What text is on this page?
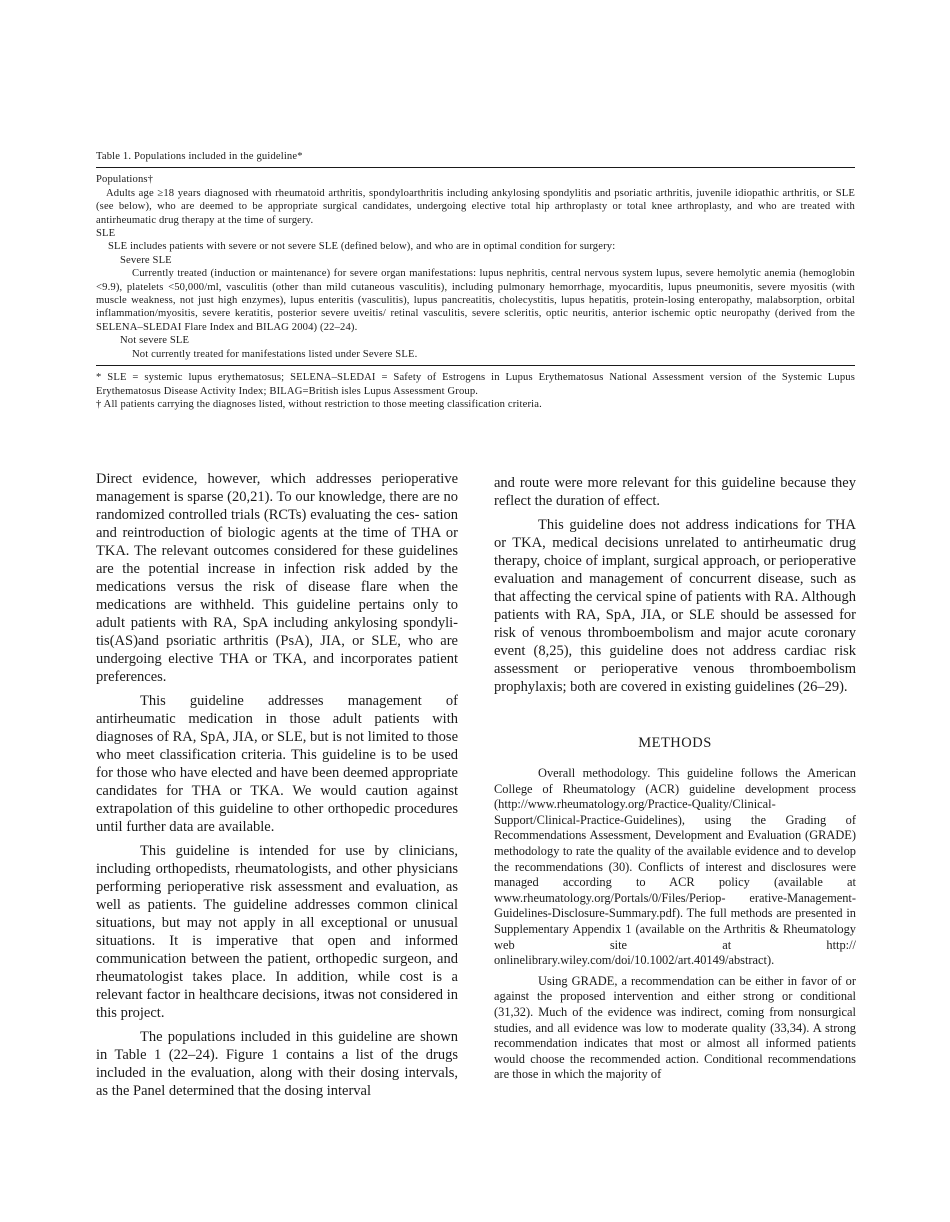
Table 1. Populations included in the guideline*

Populations†

Adults age ≥18 years diagnosed with rheumatoid arthritis, spondyloarthritis including ankylosing spondylitis and psoriatic arthritis, juvenile idiopathic arthritis, or SLE (see below), who are deemed to be appropriate surgical candidates, undergoing elective total hip arthroplasty or total knee arthroplasty, and who are treated with antirheumatic drug therapy at the time of surgery.

SLE

SLE includes patients with severe or not severe SLE (defined below), and who are in optimal condition for surgery:

Severe SLE

Currently treated (induction or maintenance) for severe organ manifestations: lupus nephritis, central nervous system lupus, severe hemolytic anemia (hemoglobin <9.9), platelets <50,000/ml, vasculitis (other than mild cutaneous vasculitis), including pulmonary hemorrhage, myocarditis, lupus pneumonitis, severe myositis (with muscle weakness, not just high enzymes), lupus enteritis (vasculitis), lupus pancreatitis, cholecystitis, lupus hepatitis, protein-losing enteropathy, malabsorption, orbital inflammation/myositis, severe keratitis, posterior severe uveitis/ retinal vasculitis, severe scleritis, optic neuritis, anterior ischemic optic neuropathy (derived from the SELENA–SLEDAI Flare Index and BILAG 2004) (22–24).

Not severe SLE

Not currently treated for manifestations listed under Severe SLE.

* SLE = systemic lupus erythematosus; SELENA–SLEDAI = Safety of Estrogens in Lupus Erythematosus National Assessment version of the Systemic Lupus Erythematosus Disease Activity Index; BILAG=British isles Lupus Assessment Group.

† All patients carrying the diagnoses listed, without restriction to those meeting classification criteria.

Direct evidence, however, which addresses perioperative management is sparse (20,21). To our knowledge, there are no randomized controlled trials (RCTs) evaluating the ces- sation and reintroduction of biologic agents at the time of THA or TKA. The relevant outcomes considered for these guidelines are the potential increase in infection risk added by the medications versus the risk of disease flare when the medications are withheld. This guideline pertains only to adult patients with RA, SpA including ankylosing spondyli- tis(AS)and psoriatic arthritis (PsA), JIA, or SLE, who are undergoing elective THA or TKA, and incorporates patient preferences.

This guideline addresses management of antirheumatic medication in those adult patients with diagnoses of RA, SpA, JIA, or SLE, but is not limited to those who meet classification criteria. This guideline is to be used for those who have elected and have been deemed appropriate candidates for THA or TKA. We would caution against extrapolation of this guideline to other orthopedic procedures until further data are available.

This guideline is intended for use by clinicians, including orthopedists, rheumatologists, and other physicians performing perioperative risk assessment and evaluation, as well as patients. The guideline addresses common clinical situations, but may not apply in all exceptional or unusual situations. It is imperative that open and informed communication between the patient, orthopedic surgeon, and rheumatologist takes place. In addition, while cost is a relevant factor in healthcare decisions, itwas not considered in this project.

The populations included in this guideline are shown in Table 1 (22–24). Figure 1 contains a list of the drugs included in the evaluation, along with their dosing intervals, as the Panel determined that the dosing interval

and route were more relevant for this guideline because they reflect the duration of effect.

This guideline does not address indications for THA or TKA, medical decisions unrelated to antirheumatic drug therapy, choice of implant, surgical approach, or perioperative evaluation and management of concurrent disease, such as that affecting the cervical spine of patients with RA. Although patients with RA, SpA, JIA, or SLE should be assessed for risk of venous thromboembolism and major acute coronary event (8,25), this guideline does not address cardiac risk assessment or perioperative venous thromboembolism prophylaxis; both are covered in existing guidelines (26–29).

METHODS

Overall methodology. This guideline follows the American College of Rheumatology (ACR) guideline development process (http://www.rheumatology.org/Practice-Quality/Clinical-Support/Clinical-Practice-Guidelines), using the Grading of Recommendations Assessment, Development and Evaluation (GRADE) methodology to rate the quality of the available evidence and to develop the recommendations (30). Conflicts of interest and disclosures were managed according to ACR policy (available at www.rheumatology.org/Portals/0/Files/Periop- erative-Management-Guidelines-Disclosure-Summary.pdf). The full methods are presented in Supplementary Appendix 1 (available on the Arthritis & Rheumatology web site at http:// onlinelibrary.wiley.com/doi/10.1002/art.40149/abstract).

Using GRADE, a recommendation can be either in favor of or against the proposed intervention and either strong or conditional (31,32). Much of the evidence was indirect, coming from nonsurgical studies, and all evidence was low to moderate quality (33,34). A strong recommendation indicates that most or almost all informed patients would choose the recommended action. Conditional recommendations are those in which the majority of
